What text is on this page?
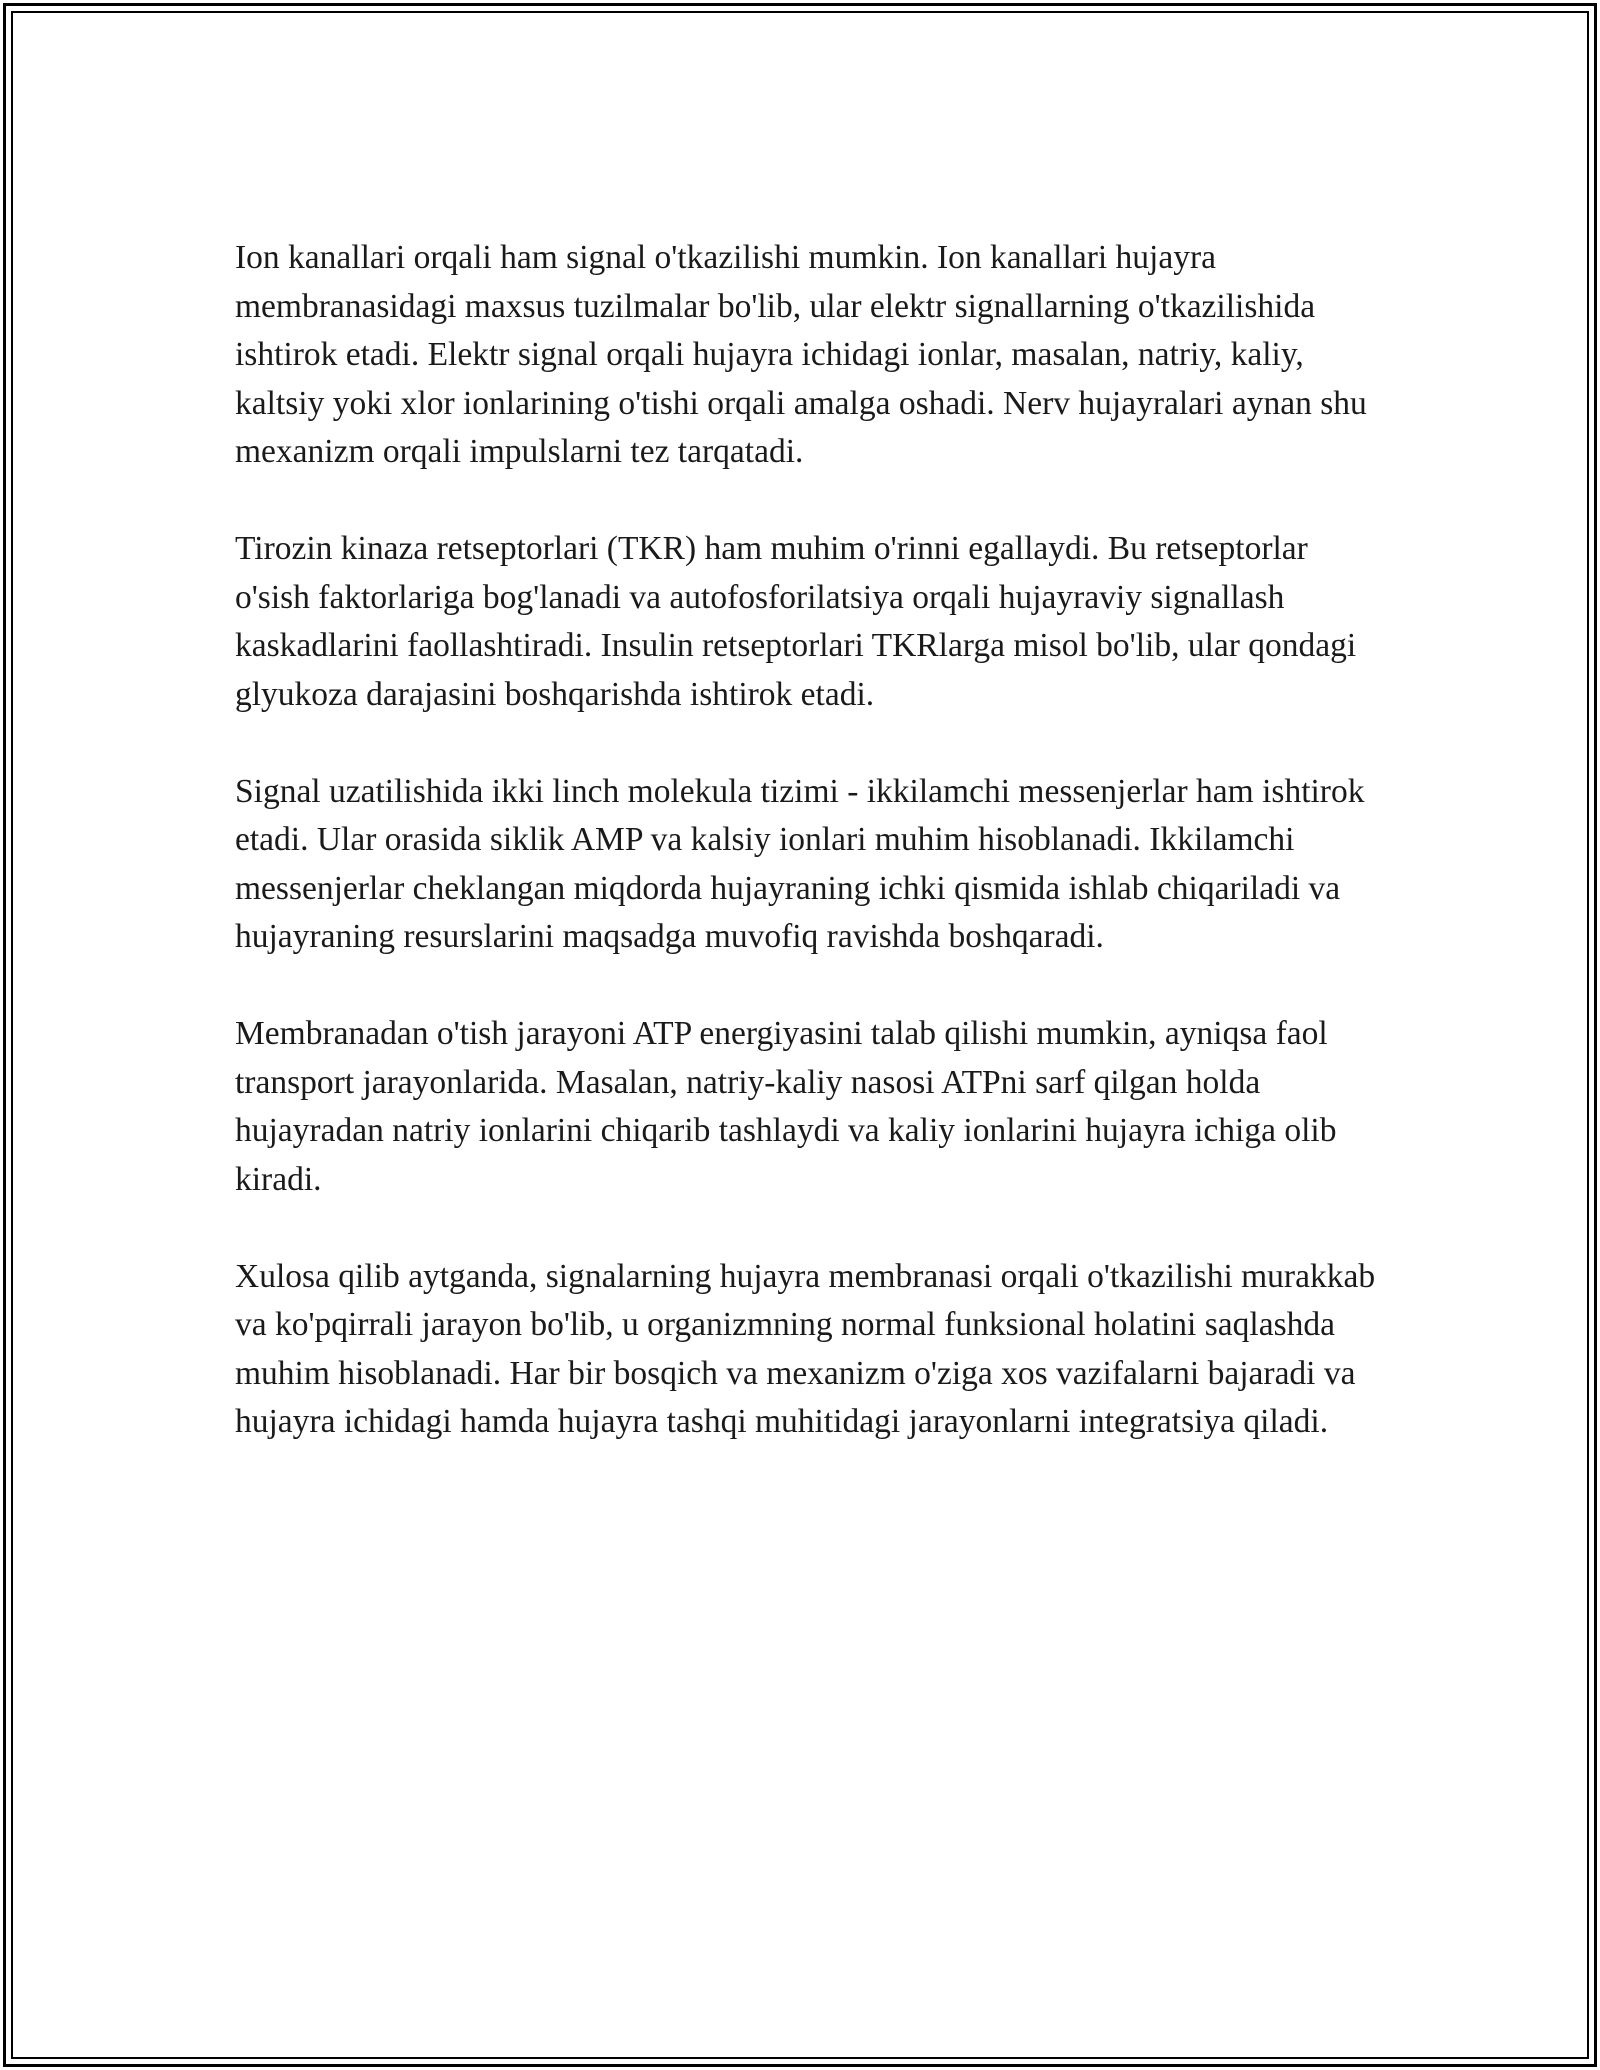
Ion kanallari orqali ham signal o'tkazilishi mumkin. Ion kanallari hujayra membranasidagi maxsus tuzilmalar bo'lib, ular elektr signallarning o'tkazilishida ishtirok etadi. Elektr signal orqali hujayra ichidagi ionlar, masalan, natriy, kaliy, kaltsiy yoki xlor ionlarining o'tishi orqali amalga oshadi. Nerv hujayralari aynan shu mexanizm orqali impulslarni tez tarqatadi.

Tirozin kinaza retseptorlari (TKR) ham muhim o'rinni egallaydi. Bu retseptorlar o'sish faktorlariga bog'lanadi va autofosforilatsiya orqali hujayraviy signallash kaskadlarini faollashtiradi. Insulin retseptorlari TKRlarga misol bo'lib, ular qondagi glyukoza darajasini boshqarishda ishtirok etadi.

Signal uzatilishida ikki linch molekula tizimi - ikkilamchi messenjerlar ham ishtirok etadi. Ular orasida siklik AMP va kalsiy ionlari muhim hisoblanadi. Ikkilamchi messenjerlar cheklangan miqdorda hujayraning ichki qismida ishlab chiqariladi va hujayraning resurslarini maqsadga muvofiq ravishda boshqaradi.

Membranadan o'tish jarayoni ATP energiyasini talab qilishi mumkin, ayniqsa faol transport jarayonlarida. Masalan, natriy-kaliy nasosi ATPni sarf qilgan holda hujayradan natriy ionlarini chiqarib tashlaydi va kaliy ionlarini hujayra ichiga olib kiradi.

Xulosa qilib aytganda, signalarning hujayra membranasi orqali o'tkazilishi murakkab va ko'pqirrali jarayon bo'lib, u organizmning normal funksional holatini saqlashda muhim hisoblanadi. Har bir bosqich va mexanizm o'ziga xos vazifalarni bajaradi va hujayra ichidagi hamda hujayra tashqi muhitidagi jarayonlarni integratsiya qiladi.
